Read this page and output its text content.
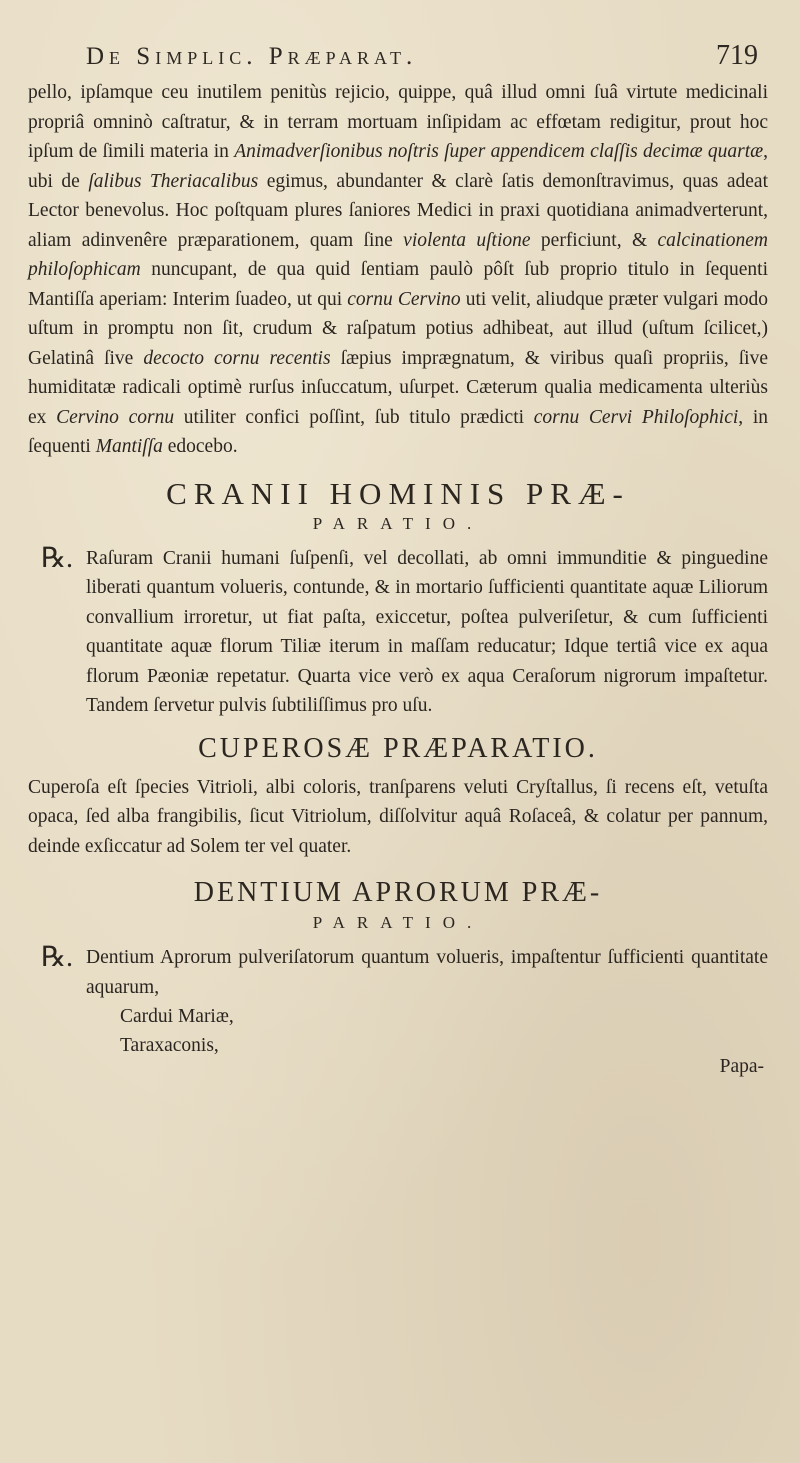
De Simplic. Præparat.	719

pello, ipſamque ceu inutilem penitùs rejicio, quippe, quâ illud omni ſuâ virtute medicinali propriâ omninò caſtratur, & in terram mortuam inſipidam ac effœtam redigitur, prout hoc ipſum de ſimili materia in Animadverſionibus noſtris ſuper appendicem claſſis decimæ quartæ, ubi de ſalibus Theriacalibus egimus, abundanter & clarè ſatis demonſtravimus, quas adeat Lector benevolus. Hoc poſtquam plures ſaniores Medici in praxi quotidiana animadverterunt, aliam adinvenêre præparationem, quam ſine violenta uſtione perficiunt, & calcinationem philoſophicam nuncupant, de qua quid ſentiam paulò pôſt ſub proprio titulo in ſequenti Mantiſſa aperiam: Interim ſuadeo, ut qui cornu Cervino uti velit, aliudque præter vulgari modo uſtum in promptu non ſit, crudum & raſpatum potius adhibeat, aut illud (uſtum ſcilicet,) Gelatinâ ſive decocto cornu recentis ſæpius imprægnatum, & viribus quaſi propriis, ſive humiditatæ radicali optimè rurſus inſuccatum, uſurpet. Cæterum qualia medicamenta ulteriùs ex Cervino cornu utiliter confici poſſint, ſub titulo prædicti cornu Cervi Philoſophici, in ſequenti Mantiſſa edocebo.

CRANII HOMINIS PRÆ-
PARATIO.
℞. Raſuram Cranii humani ſuſpenſi, vel decollati, ab omni immunditie & pinguedine liberati quantum volueris, contunde, & in mortario ſufficienti quantitate aquæ Liliorum convallium irroretur, ut fiat paſta, exiccetur, poſtea pulveriſetur, & cum ſufficienti quantitate aquæ florum Tiliæ iterum in maſſam reducatur; Idque tertiâ vice ex aqua florum Pæoniæ repetatur. Quarta vice verò ex aqua Ceraſorum nigrorum impaſtetur. Tandem ſervetur pulvis ſubtiliſſimus pro uſu.

CUPEROSÆ PRÆPARATIO.

Cuperoſa eſt ſpecies Vitrioli, albi coloris, tranſparens veluti Cryſtallus, ſi recens eſt, vetuſta opaca, ſed alba frangibilis, ſicut Vitriolum, diſſolvitur aquâ Roſaceâ, & colatur per pannum, deinde exſiccatur ad Solem ter vel quater.

DENTIUM APRORUM PRÆ-
PARATIO.
℞. Dentium Aprorum pulveriſatorum quantum volueris, impaſtentur ſufficienti quantitate aquarum,

Cardui Mariæ,
Taraxaconis,
Papa-
